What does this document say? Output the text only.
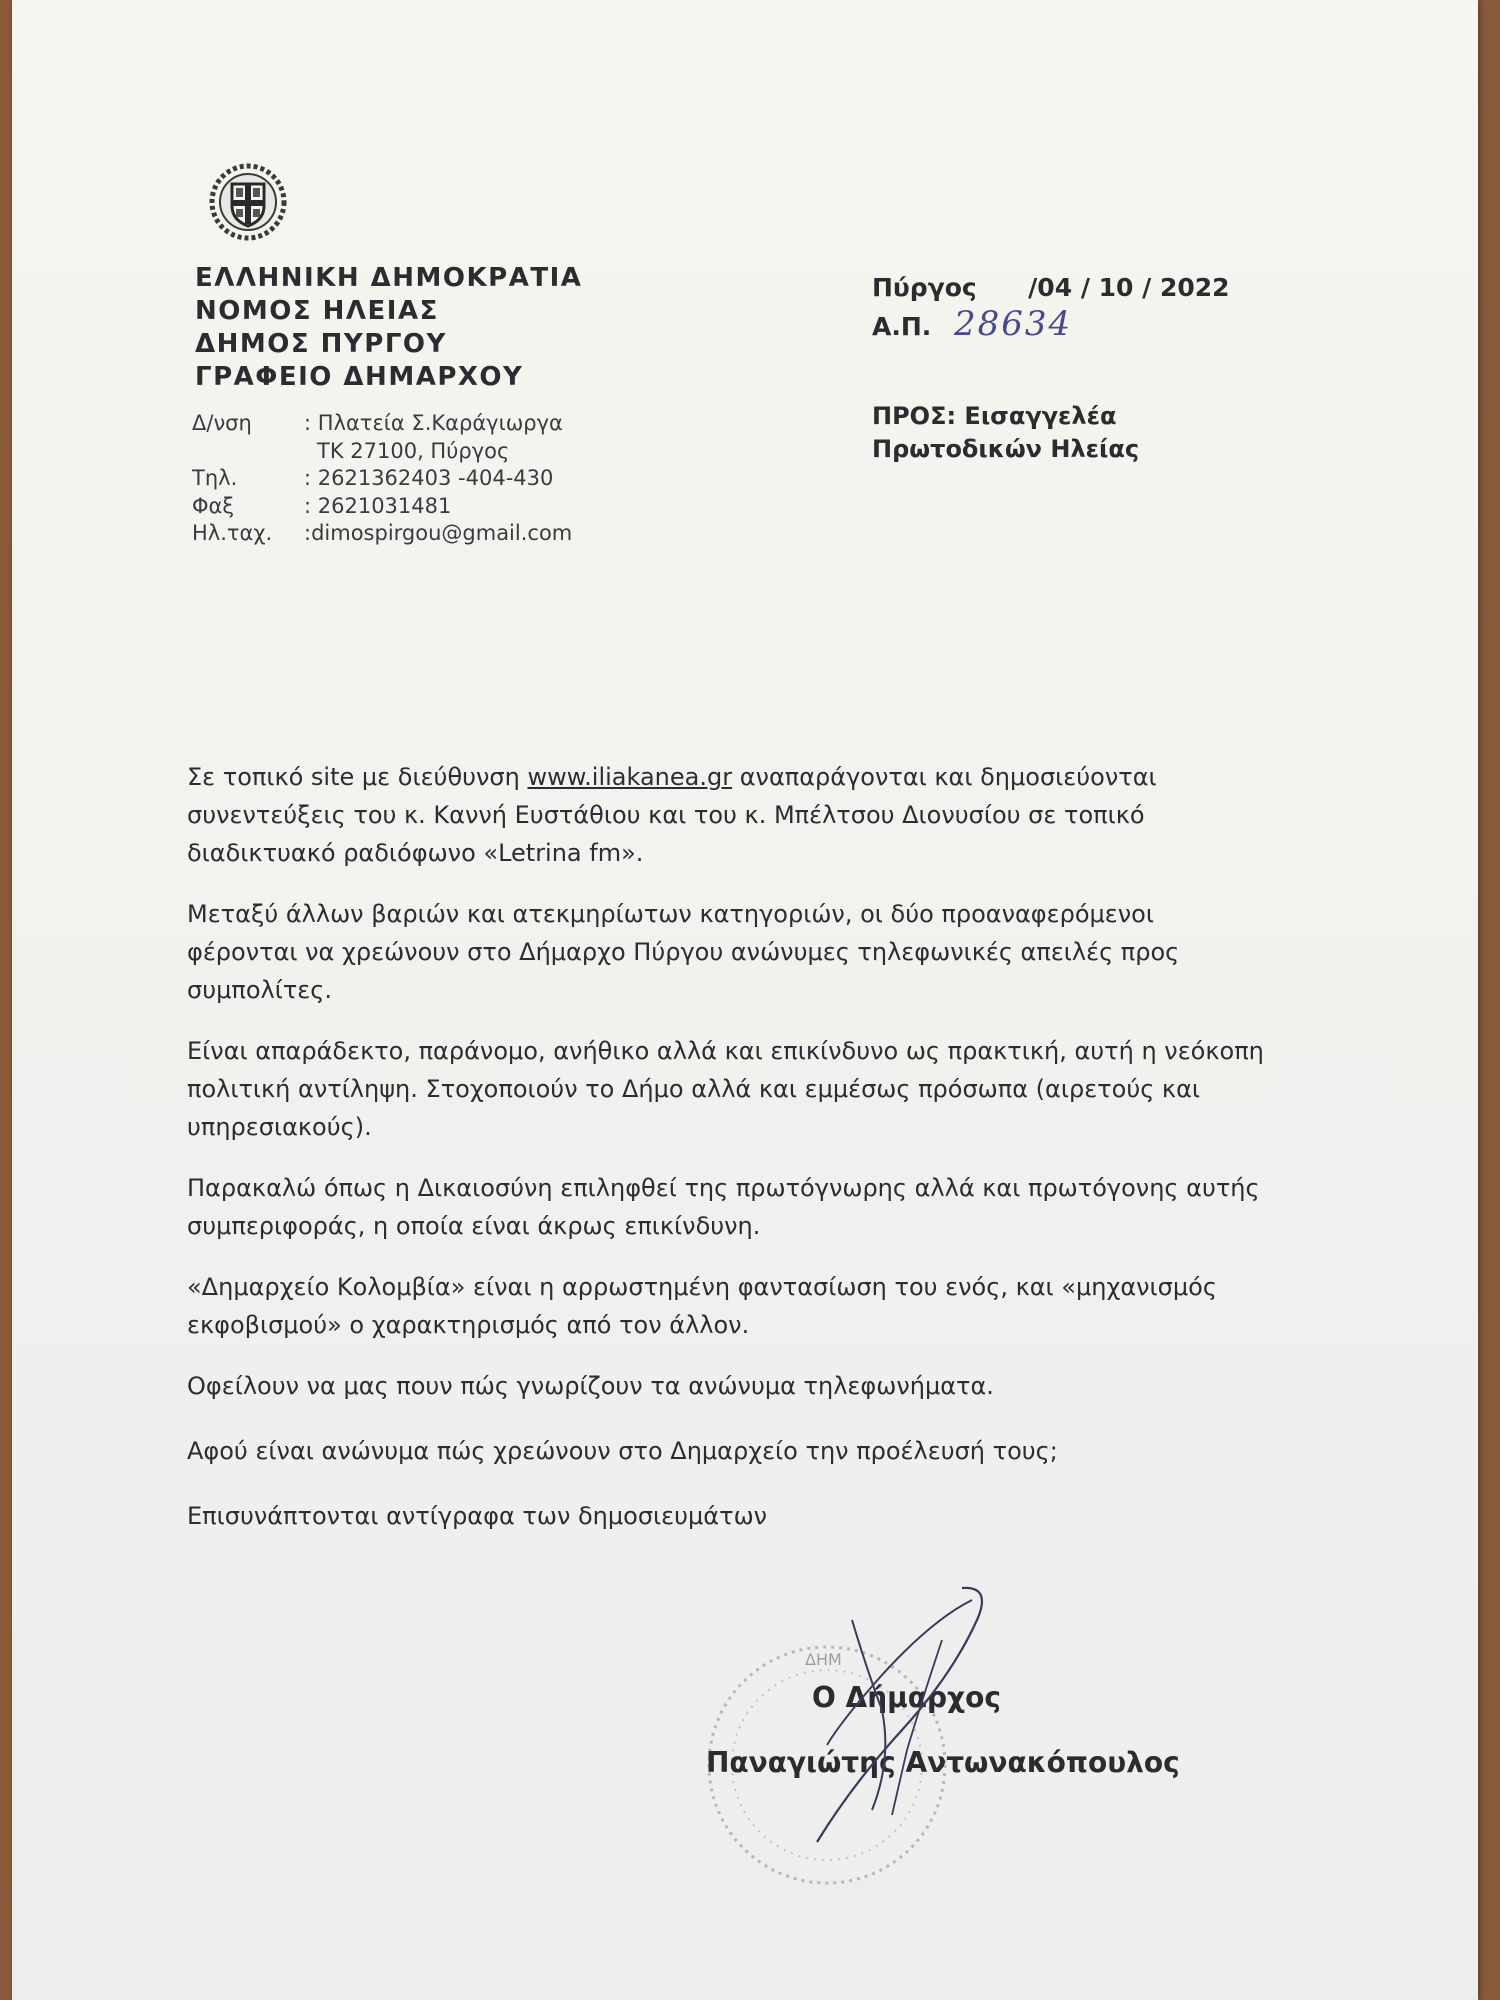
ΕΛΛΗΝΙΚΗ ΔΗΜΟΚΡΑΤΙΑ
ΝΟΜΟΣ ΗΛΕΙΑΣ
ΔΗΜΟΣ ΠΥΡΓΟΥ
ΓΡΑΦΕΙΟ ΔΗΜΑΡΧΟΥ
Δ/νση	: Πλατεία Σ.Καράγιωργα
ΤΚ 27100, Πύργος
Τηλ.	: 2621362403 -404-430
Φαξ	: 2621031481
Ηλ.ταχ.	:dimospirgou@gmail.com
Πύργος /04 / 10 / 2022
Α.Π. 28634
ΠΡΟΣ: Εισαγγελέα
Πρωτοδικών Ηλείας

Σε τοπικό site με διεύθυνση www.iliakanea.gr αναπαράγονται και δημοσιεύονται συνεντεύξεις του κ. Καννή Ευστάθιου και του κ. Μπέλτσου Διονυσίου σε τοπικό διαδικτυακό ραδιόφωνο «Letrina fm».

Μεταξύ άλλων βαριών και ατεκμηρίωτων κατηγοριών, οι δύο προαναφερόμενοι φέρονται να χρεώνουν στο Δήμαρχο Πύργου ανώνυμες τηλεφωνικές απειλές προς συμπολίτες.

Είναι απαράδεκτο, παράνομο, ανήθικο αλλά και επικίνδυνο ως πρακτική, αυτή η νεόκοπη πολιτική αντίληψη. Στοχοποιούν το Δήμο αλλά και εμμέσως πρόσωπα (αιρετούς και υπηρεσιακούς).

Παρακαλώ όπως η Δικαιοσύνη επιληφθεί της πρωτόγνωρης αλλά και πρωτόγονης αυτής συμπεριφοράς, η οποία είναι άκρως επικίνδυνη.

«Δημαρχείο Κολομβία» είναι η αρρωστημένη φαντασίωση του ενός, και «μηχανισμός εκφοβισμού» ο χαρακτηρισμός από τον άλλον.

Οφείλουν να μας πουν πώς γνωρίζουν τα ανώνυμα τηλεφωνήματα.

Αφού είναι ανώνυμα πώς χρεώνουν στο Δημαρχείο την προέλευσή τους;

Επισυνάπτονται αντίγραφα των δημοσιευμάτων

ΔΗΜ
Ο Δήμαρχος
Παναγιώτης Αντωνακόπουλος
